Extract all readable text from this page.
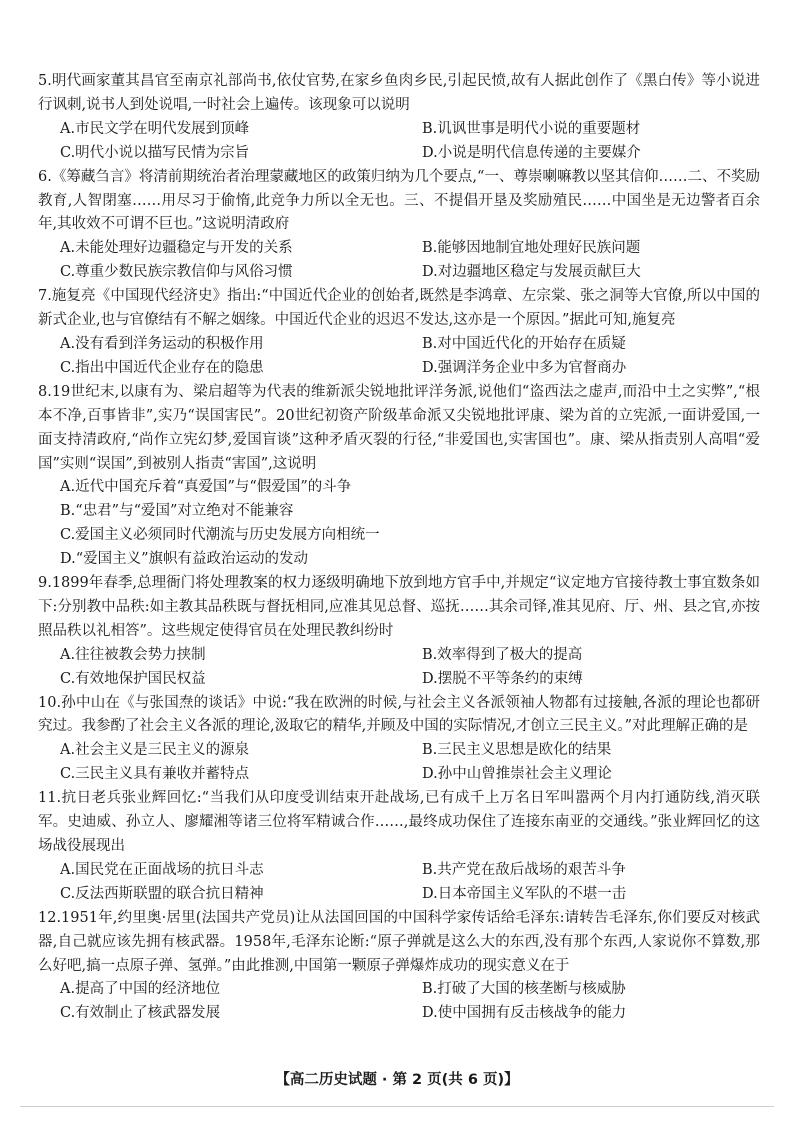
5.明代画家董其昌官至南京礼部尚书,依仗官势,在家乡鱼肉乡民,引起民愤,故有人据此创作了《黑白传》等小说进行讽刺,说书人到处说唱,一时社会上遍传。该现象可以说明

A.市民文学在明代发展到顶峰	B.讥讽世事是明代小说的重要题材
C.明代小说以描写民情为宗旨	D.小说是明代信息传递的主要媒介

6.《筹藏刍言》将清前期统治者治理蒙藏地区的政策归纳为几个要点,“一、尊崇喇嘛教以坚其信仰……二、不奖励教育,人智閉塞……用尽习于偷惰,此竞争力所以全无也。三、不提倡开垦及奖励殖民……中国坐是无边警者百余年,其收效不可谓不巨也。”这说明清政府

A.未能处理好边疆稳定与开发的关系	B.能够因地制宜地处理好民族问题
C.尊重少数民族宗教信仰与风俗习惯	D.对边疆地区稳定与发展贡献巨大

7.施复亮《中国现代经济史》指出:“中国近代企业的创始者,既然是李鸿章、左宗棠、张之洞等大官僚,所以中国的新式企业,也与官僚结有不解之姻缘。中国近代企业的迟迟不发达,这亦是一个原因。”据此可知,施复亮

A.没有看到洋务运动的积极作用	B.对中国近代化的开始存在质疑
C.指出中国近代企业存在的隐患	D.强调洋务企业中多为官督商办

8.19世纪末,以康有为、梁启超等为代表的维新派尖锐地批评洋务派,说他们“盗西法之虚声,而沿中土之实弊”,“根本不净,百事皆非”,实乃“误国害民”。20世纪初资产阶级革命派又尖锐地批评康、梁为首的立宪派,一面讲爱国,一面支持清政府,“尚作立宪幻梦,爱国盲谈”这种矛盾灭裂的行径,“非爱国也,实害国也”。康、梁从指责别人高唱“爱国”实则“误国”,到被别人指责“害国”,这说明

A.近代中国充斥着“真爱国”与“假爱国”的斗争
B.“忠君”与“爱国”对立绝对不能兼容
C.爱国主义必须同时代潮流与历史发展方向相统一
D.“爱国主义”旗帜有益政治运动的发动

9.1899年春季,总理衙门将处理教案的权力逐级明确地下放到地方官手中,并规定“议定地方官接待教士事宜数条如下:分别教中品秩:如主教其品秩既与督抚相同,应准其见总督、巡抚……其余司铎,准其见府、厅、州、县之官,亦按照品秩以礼相答”。这些规定使得官员在处理民教纠纷时

A.往往被教会势力挟制	B.效率得到了极大的提高
C.有效地保护国民权益	D.摆脱不平等条约的束缚

10.孙中山在《与张国焘的谈话》中说:“我在欧洲的时候,与社会主义各派领袖人物都有过接触,各派的理论也都研究过。我参酌了社会主义各派的理论,汲取它的精华,并顾及中国的实际情况,才创立三民主义。”对此理解正确的是

A.社会主义是三民主义的源泉	B.三民主义思想是欧化的结果
C.三民主义具有兼收并蓄特点	D.孙中山曾推崇社会主义理论

11.抗日老兵张业辉回忆:“当我们从印度受训结束开赴战场,已有成千上万名日军叫嚣两个月内打通防线,消灭联军。史迪威、孙立人、廖耀湘等诸三位将军精诚合作……,最终成功保住了连接东南亚的交通线。”张业辉回忆的这场战役展现出

A.国民党在正面战场的抗日斗志	B.共产党在敌后战场的艰苦斗争
C.反法西斯联盟的联合抗日精神	D.日本帝国主义军队的不堪一击

12.1951年,约里奥·居里(法国共产党员)让从法国回国的中国科学家传话给毛泽东:请转告毛泽东,你们要反对核武器,自己就应该先拥有核武器。1958年,毛泽东论断:“原子弹就是这么大的东西,没有那个东西,人家说你不算数,那么好吧,搞一点原子弹、氢弹。”由此推测,中国第一颗原子弹爆炸成功的现实意义在于

A.提高了中国的经济地位	B.打破了大国的核垄断与核威胁
C.有效制止了核武器发展	D.使中国拥有反击核战争的能力
【高二历史试题 · 第 2 页(共 6 页)】
